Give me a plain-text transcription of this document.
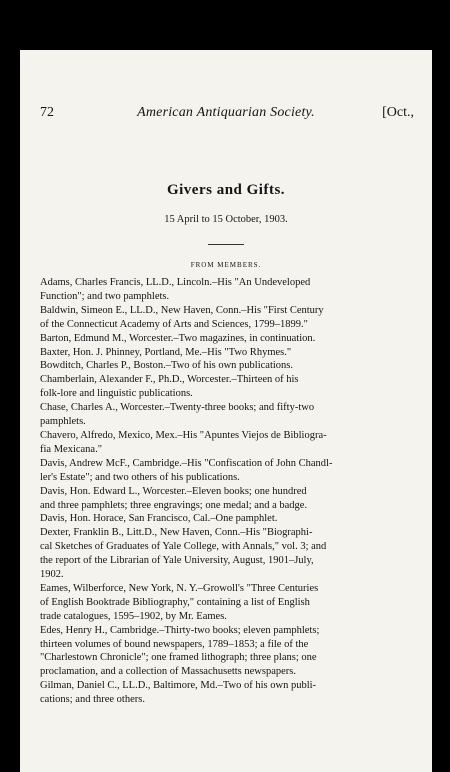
72	American Antiquarian Society.	[Oct.,
Givers and Gifts.
15 April to 15 October, 1903.
FROM MEMBERS.

Adams, Charles Francis, LL.D., Lincoln.–His "An Undeveloped
Function"; and two pamphlets.

Baldwin, Simeon E., LL.D., New Haven, Conn.–His "First Century
of the Connecticut Academy of Arts and Sciences, 1799–1899."

Barton, Edmund M., Worcester.–Two magazines, in continuation.

Baxter, Hon. J. Phinney, Portland, Me.–His "Two Rhymes."

Bowditch, Charles P., Boston.–Two of his own publications.

Chamberlain, Alexander F., Ph.D., Worcester.–Thirteen of his
folk-lore and linguistic publications.

Chase, Charles A., Worcester.–Twenty-three books; and fifty-two
pamphlets.

Chavero, Alfredo, Mexico, Mex.–His "Apuntes Viejos de Bibliogra-
fia Mexicana."

Davis, Andrew McF., Cambridge.–His "Confiscation of John Chandl-
ler's Estate"; and two others of his publications.

Davis, Hon. Edward L., Worcester.–Eleven books; one hundred
and three pamphlets; three engravings; one medal; and a badge.

Davis, Hon. Horace, San Francisco, Cal.–One pamphlet.

Dexter, Franklin B., Litt.D., New Haven, Conn.–His "Biographi-
cal Sketches of Graduates of Yale College, with Annals," vol. 3; and
the report of the Librarian of Yale University, August, 1901–July,
1902.

Eames, Wilberforce, New York, N. Y.–Growoll's "Three Centuries
of English Booktrade Bibliography," containing a list of English
trade catalogues, 1595–1902, by Mr. Eames.

Edes, Henry H., Cambridge.–Thirty-two books; eleven pamphlets;
thirteen volumes of bound newspapers, 1789–1853; a file of the
"Charlestown Chronicle"; one framed lithograph; three plans; one
proclamation, and a collection of Massachusetts newspapers.

Gilman, Daniel C., LL.D., Baltimore, Md.–Two of his own publi-
cations; and three others.
